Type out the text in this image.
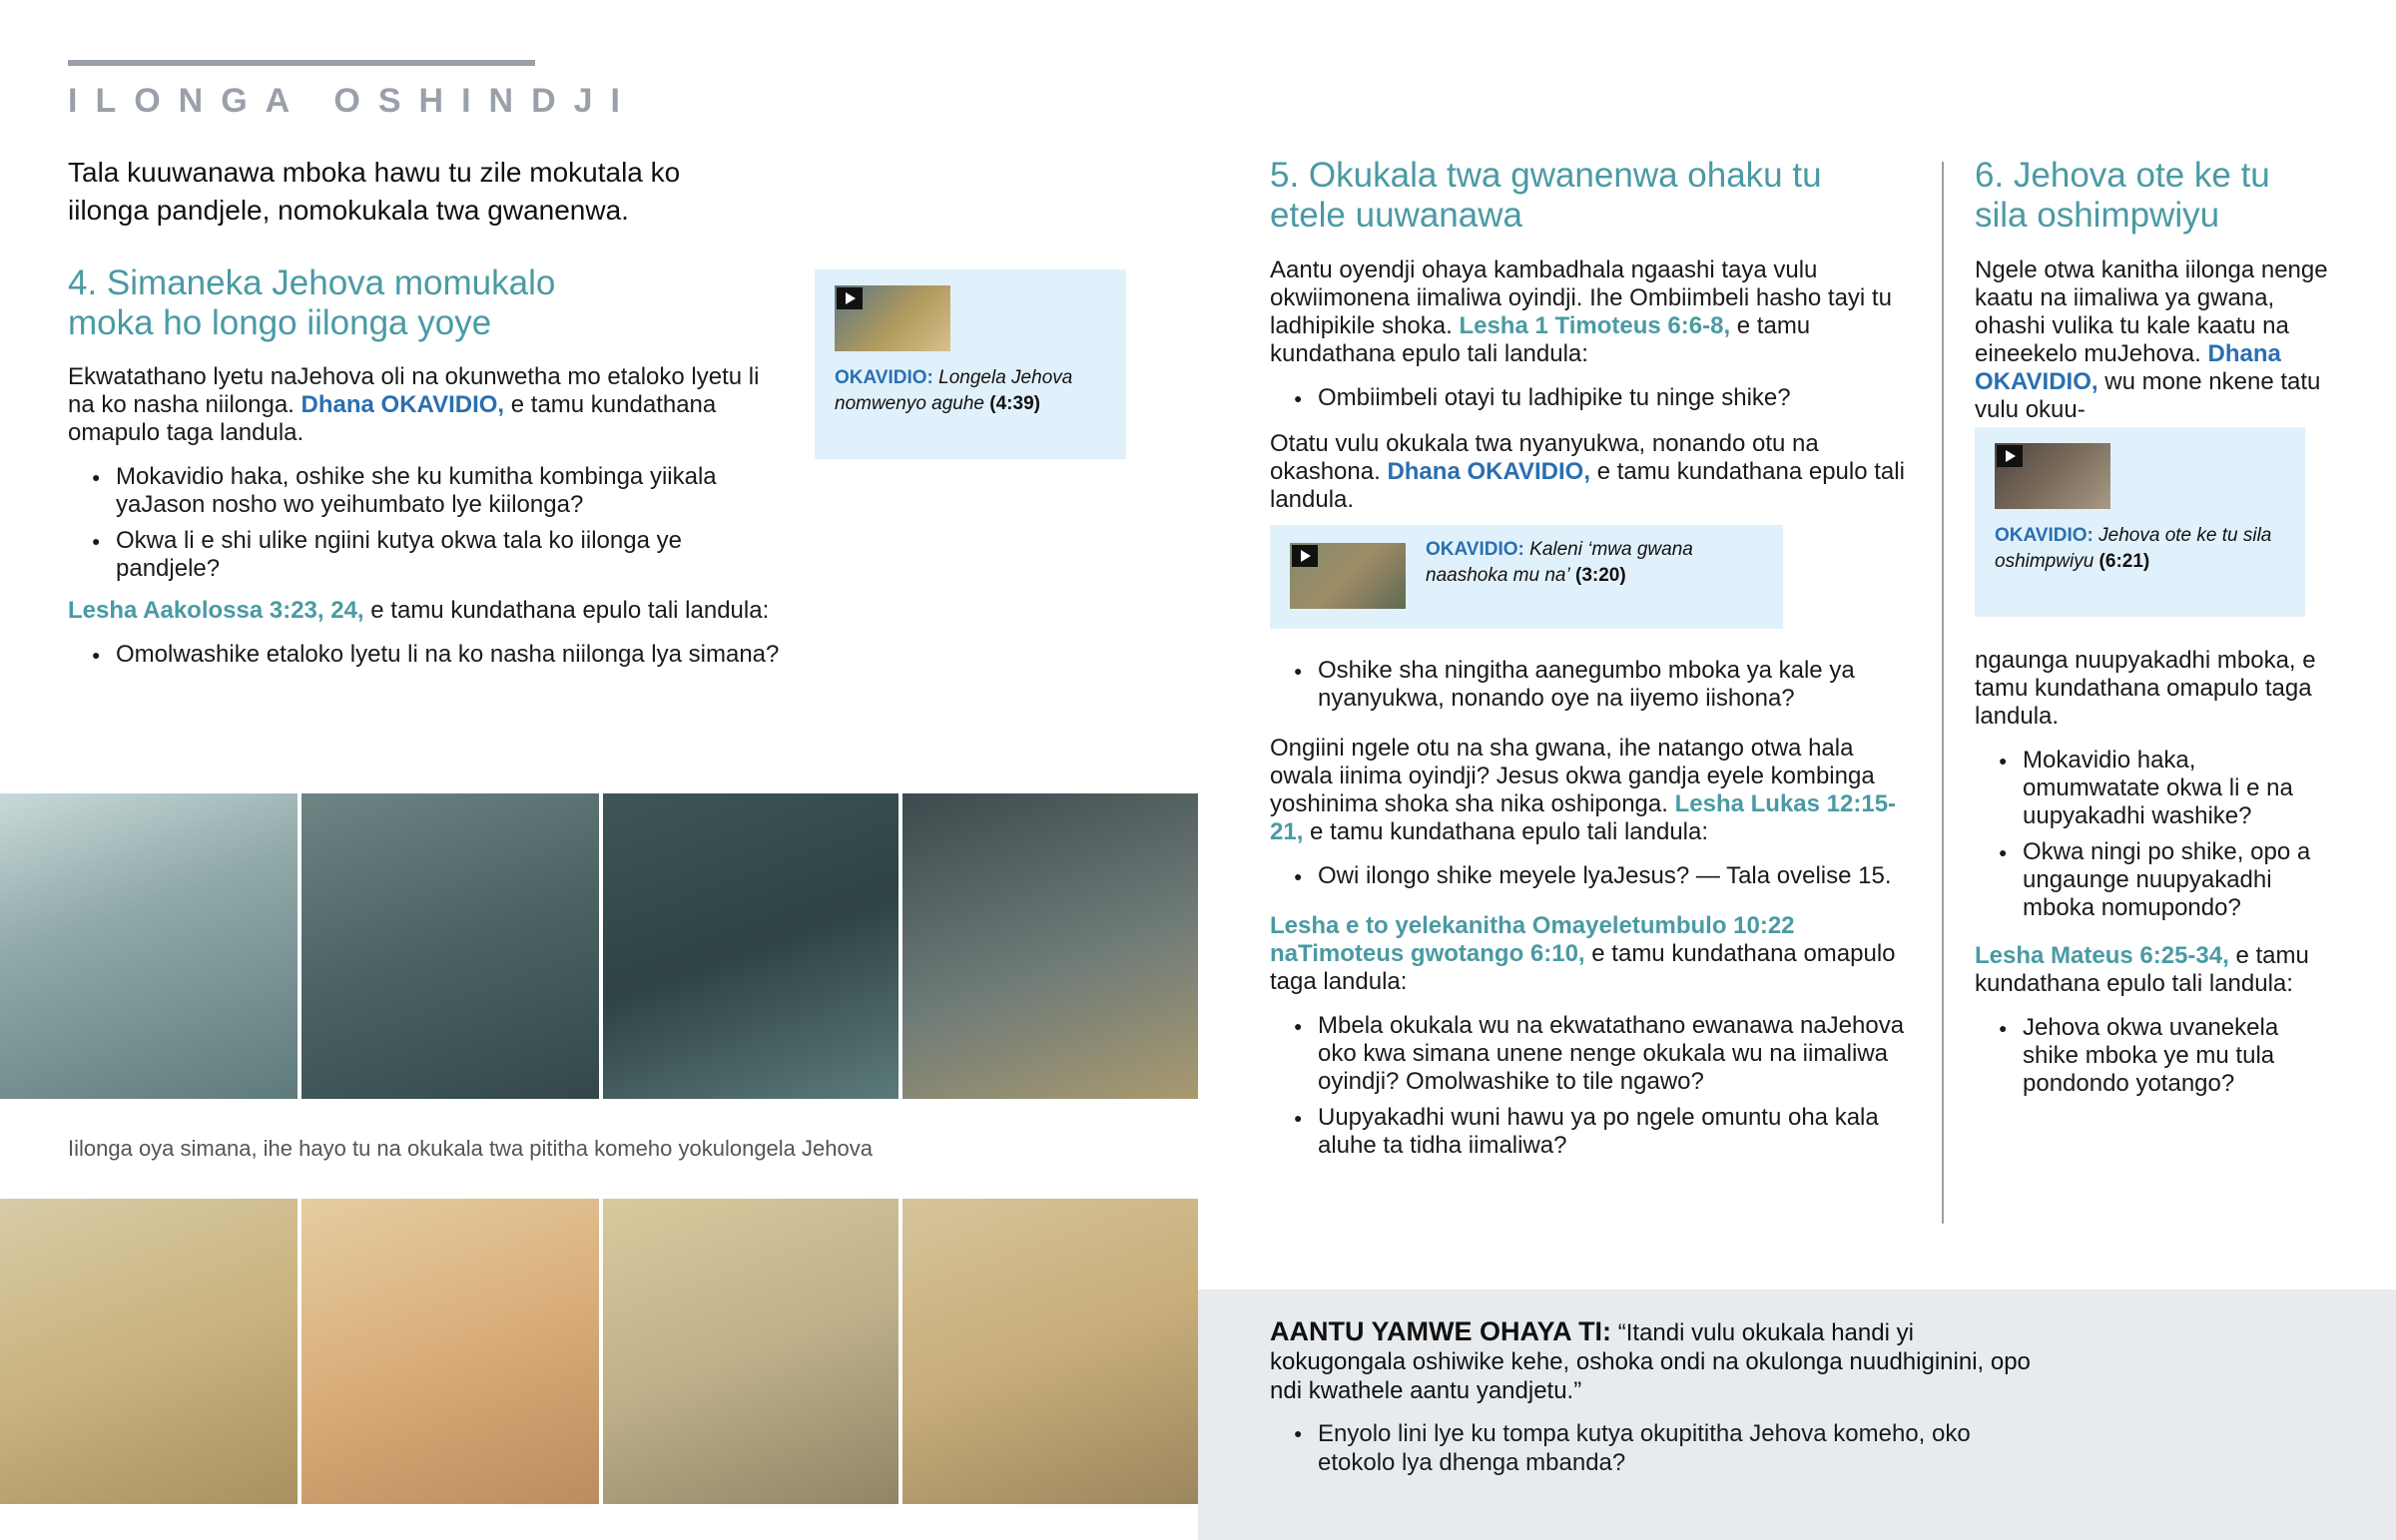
ILONGA OSHINDJI
Tala kuuwanawa mboka hawu tu zile mokutala ko iilonga pandjele, nomokukala twa gwanenwa.
4. Simaneka Jehova momukalo moka ho longo iilonga yoye

Ekwatathano lyetu naJehova oli na okunwetha mo etaloko lyetu li na ko nasha niilonga. Dhana OKAVIDIO, e tamu kundathana omapulo taga landula.

● Mokavidio haka, oshike she ku kumitha kombinga yiikala yaJason nosho wo yeihumbato lye kiilonga?
● Okwa li e shi ulike ngiini kutya okwa tala ko iilonga ye pandjele?

Lesha Aakolossa 3:23, 24, e tamu kundathana epulo tali landula:

● Omolwashike etaloko lyetu li na ko nasha niilonga lya simana?
OKAVIDIO: Longela Jehova nomwenyo aguhe (4:39)
Iilonga oya simana, ihe hayo tu na okukala twa pititha komeho yokulongela Jehova
5. Okukala twa gwanenwa ohaku tu etele uuwanawa

Aantu oyendji ohaya kambadhala ngaashi taya vulu okwiimonena iimaliwa oyindji. Ihe Ombiimbeli hasho tayi tu ladhipikile shoka. Lesha 1 Timoteus 6:6-8, e tamu kundathana epulo tali landula:

● Ombiimbeli otayi tu ladhipike tu ninge shike?

Otatu vulu okukala twa nyanyukwa, nonando otu na okashona. Dhana OKAVIDIO, e tamu kundathana epulo tali landula.

OKAVIDIO: Kaleni ‘mwa gwana naashoka mu na’ (3:20)
● Oshike sha ningitha aanegumbo mboka ya kale ya nyanyukwa, nonando oye na iiyemo iishona?

Ongiini ngele otu na sha gwana, ihe natango otwa hala owala iinima oyindji? Jesus okwa gandja eyele kombinga yoshinima shoka sha nika oshiponga. Lesha Lukas 12:15-21, e tamu kundathana epulo tali landula:

● Owi ilongo shike meyele lyaJesus? — Tala ovelise 15.

Lesha e to yelekanitha Omayeletumbulo 10:22 naTimoteus gwotango 6:10, e tamu kundathana omapulo taga landula:

● Mbela okukala wu na ekwatathano ewanawa naJehova oko kwa simana unene nenge okukala wu na iimaliwa oyindji? Omolwashike to tile ngawo?
● Uupyakadhi wuni hawu ya po ngele omuntu oha kala aluhe ta tidha iimaliwa?
6. Jehova ote ke tu sila oshimpwiyu

Ngele otwa kanitha iilonga nenge kaatu na iimaliwa ya gwana, ohashi vulika tu kale kaatu na eineekelo muJehova. Dhana OKAVIDIO, wu mone nkene tatu vulu okuu-

OKAVIDIO: Jehova ote ke tu sila oshimpwiyu (6:21)

ngaunga nuupyakadhi mboka, e tamu kundathana omapulo taga landula.

● Mokavidio haka, omumwatate okwa li e na uupyakadhi washike?
● Okwa ningi po shike, opo a ungaunge nuupyakadhi mboka nomupondo?

Lesha Mateus 6:25-34, e tamu kundathana epulo tali landula:

● Jehova okwa uvanekela shike mboka ye mu tula pondondo yotango?
AANTU YAMWE OHAYA TI: “Itandi vulu okukala handi yi kokugongala oshiwike kehe, oshoka ondi na okulonga nuudhiginini, opo ndi kwathele aantu yandjetu.”
● Enyolo lini lye ku tompa kutya okupititha Jehova komeho, oko etokolo lya dhenga mbanda?
